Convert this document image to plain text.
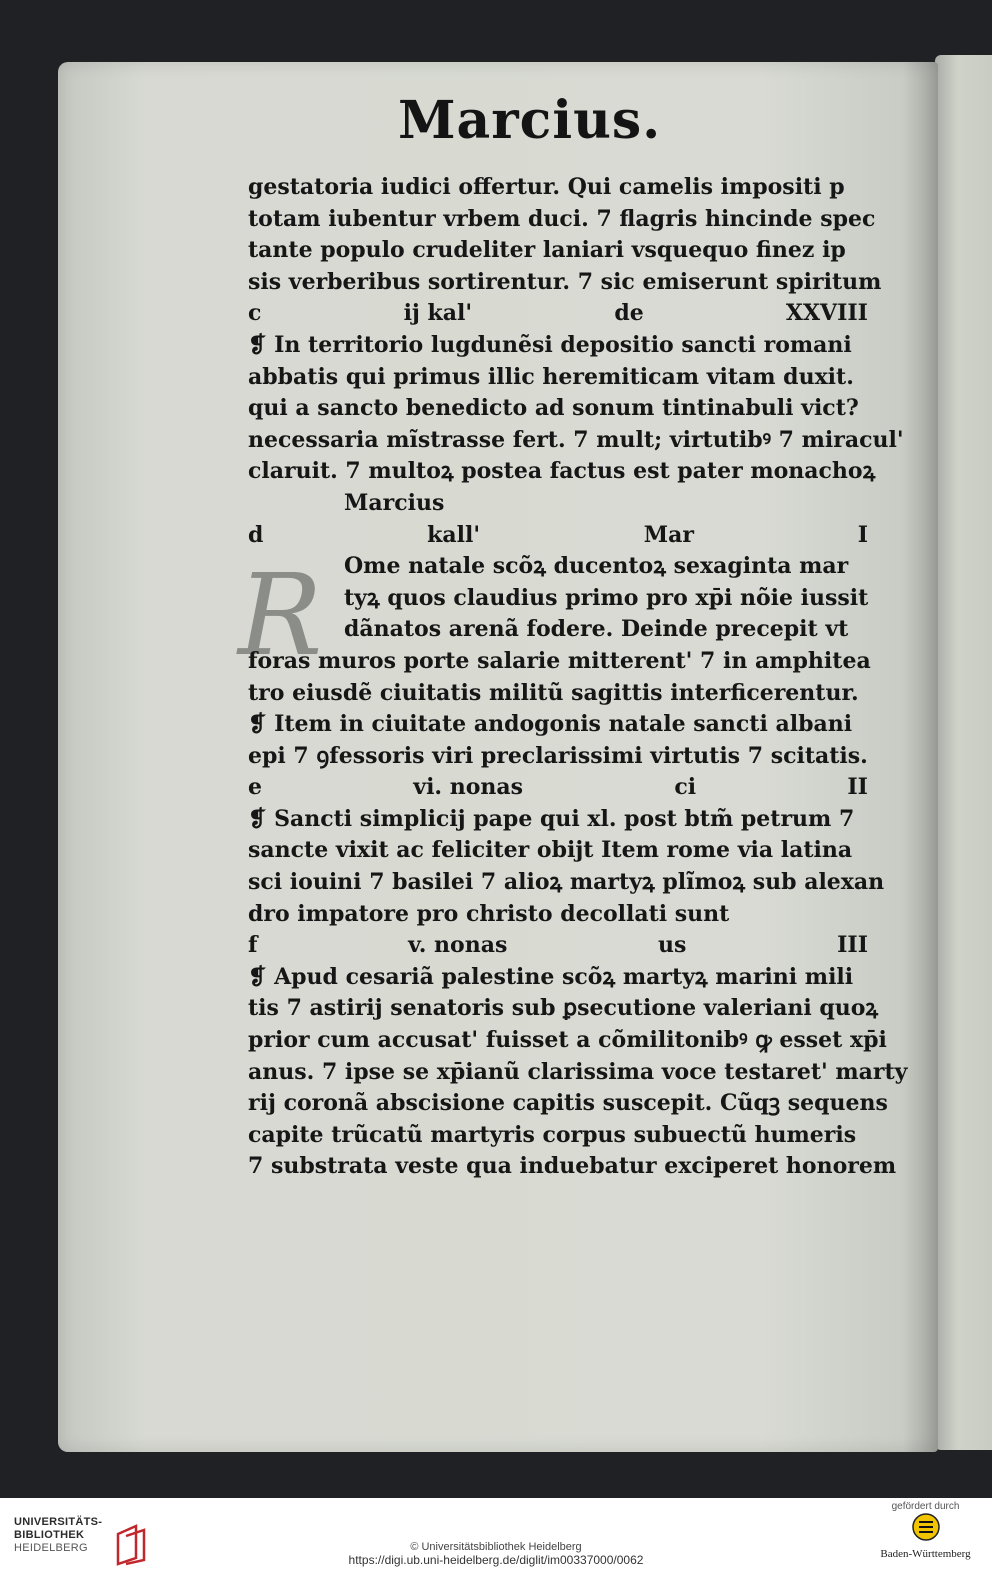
Marcius.
R
gestatoria iudici offertur. Qui camelis impositi p
totam iubentur vrbem duci. 7 flagris hincinde spec
tante populo crudeliter laniari vsquequo finez ip
sis verberibus sortirentur. 7 sic emiserunt spiritum
c	ij kal'	de	XXVIII
❡ In territorio lugdunẽsi depositio sancti romani
abbatis qui primus illic heremiticam vitam duxit.
qui a sancto benedicto ad sonum tintinabuli vict?
necessaria mĩstrasse fert. 7 mult; virtutibꝰ 7 miracul'
claruit. 7 multoꝝ postea factus est pater monachoꝝ
Marcius
d	kall'	Mar	I
Ome natale scõꝝ ducentoꝝ sexaginta mar
tyꝝ quos claudius primo pro xp̄i nõie iussit
dãnatos arenã fodere. Deinde precepit vt
foras muros porte salarie mitterent' 7 in amphitea
tro eiusdẽ ciuitatis militũ sagittis interficerentur.
❡ Item in ciuitate andogonis natale sancti albani
epi 7 ꝯfessoris viri preclarissimi virtutis 7 scitatis.
e	vi. nonas	ci	II
❡ Sancti simplicij pape qui xl. post btm̃ petrum 7
sancte vixit ac feliciter obijt Item rome via latina
sci iouini 7 basilei 7 alioꝝ martyꝝ plĩmoꝝ sub alexan
dro impatore pro christo decollati sunt
f	v. nonas	us	III
❡ Apud cesariã palestine scõꝝ martyꝝ marini mili
tis 7 astirij senatoris sub ꝑsecutione valeriani quoꝝ
prior cum accusat' fuisset a cõmilitonibꝰ ꝙ esset xp̄i
anus. 7 ipse se xp̄ianũ clarissima voce testaret' marty
rij coronã abscisione capitis suscepit. Cũqꝫ sequens
capite trũcatũ martyris corpus subuectũ humeris
7 substrata veste qua induebatur exciperet honorem
UNIVERSITÄTS-
BIBLIOTHEK
HEIDELBERG	© Universitätsbibliothek Heidelberg
https://digi.ub.uni-heidelberg.de/diglit/im00337000/0062
gefördert durch
Baden-Württemberg
